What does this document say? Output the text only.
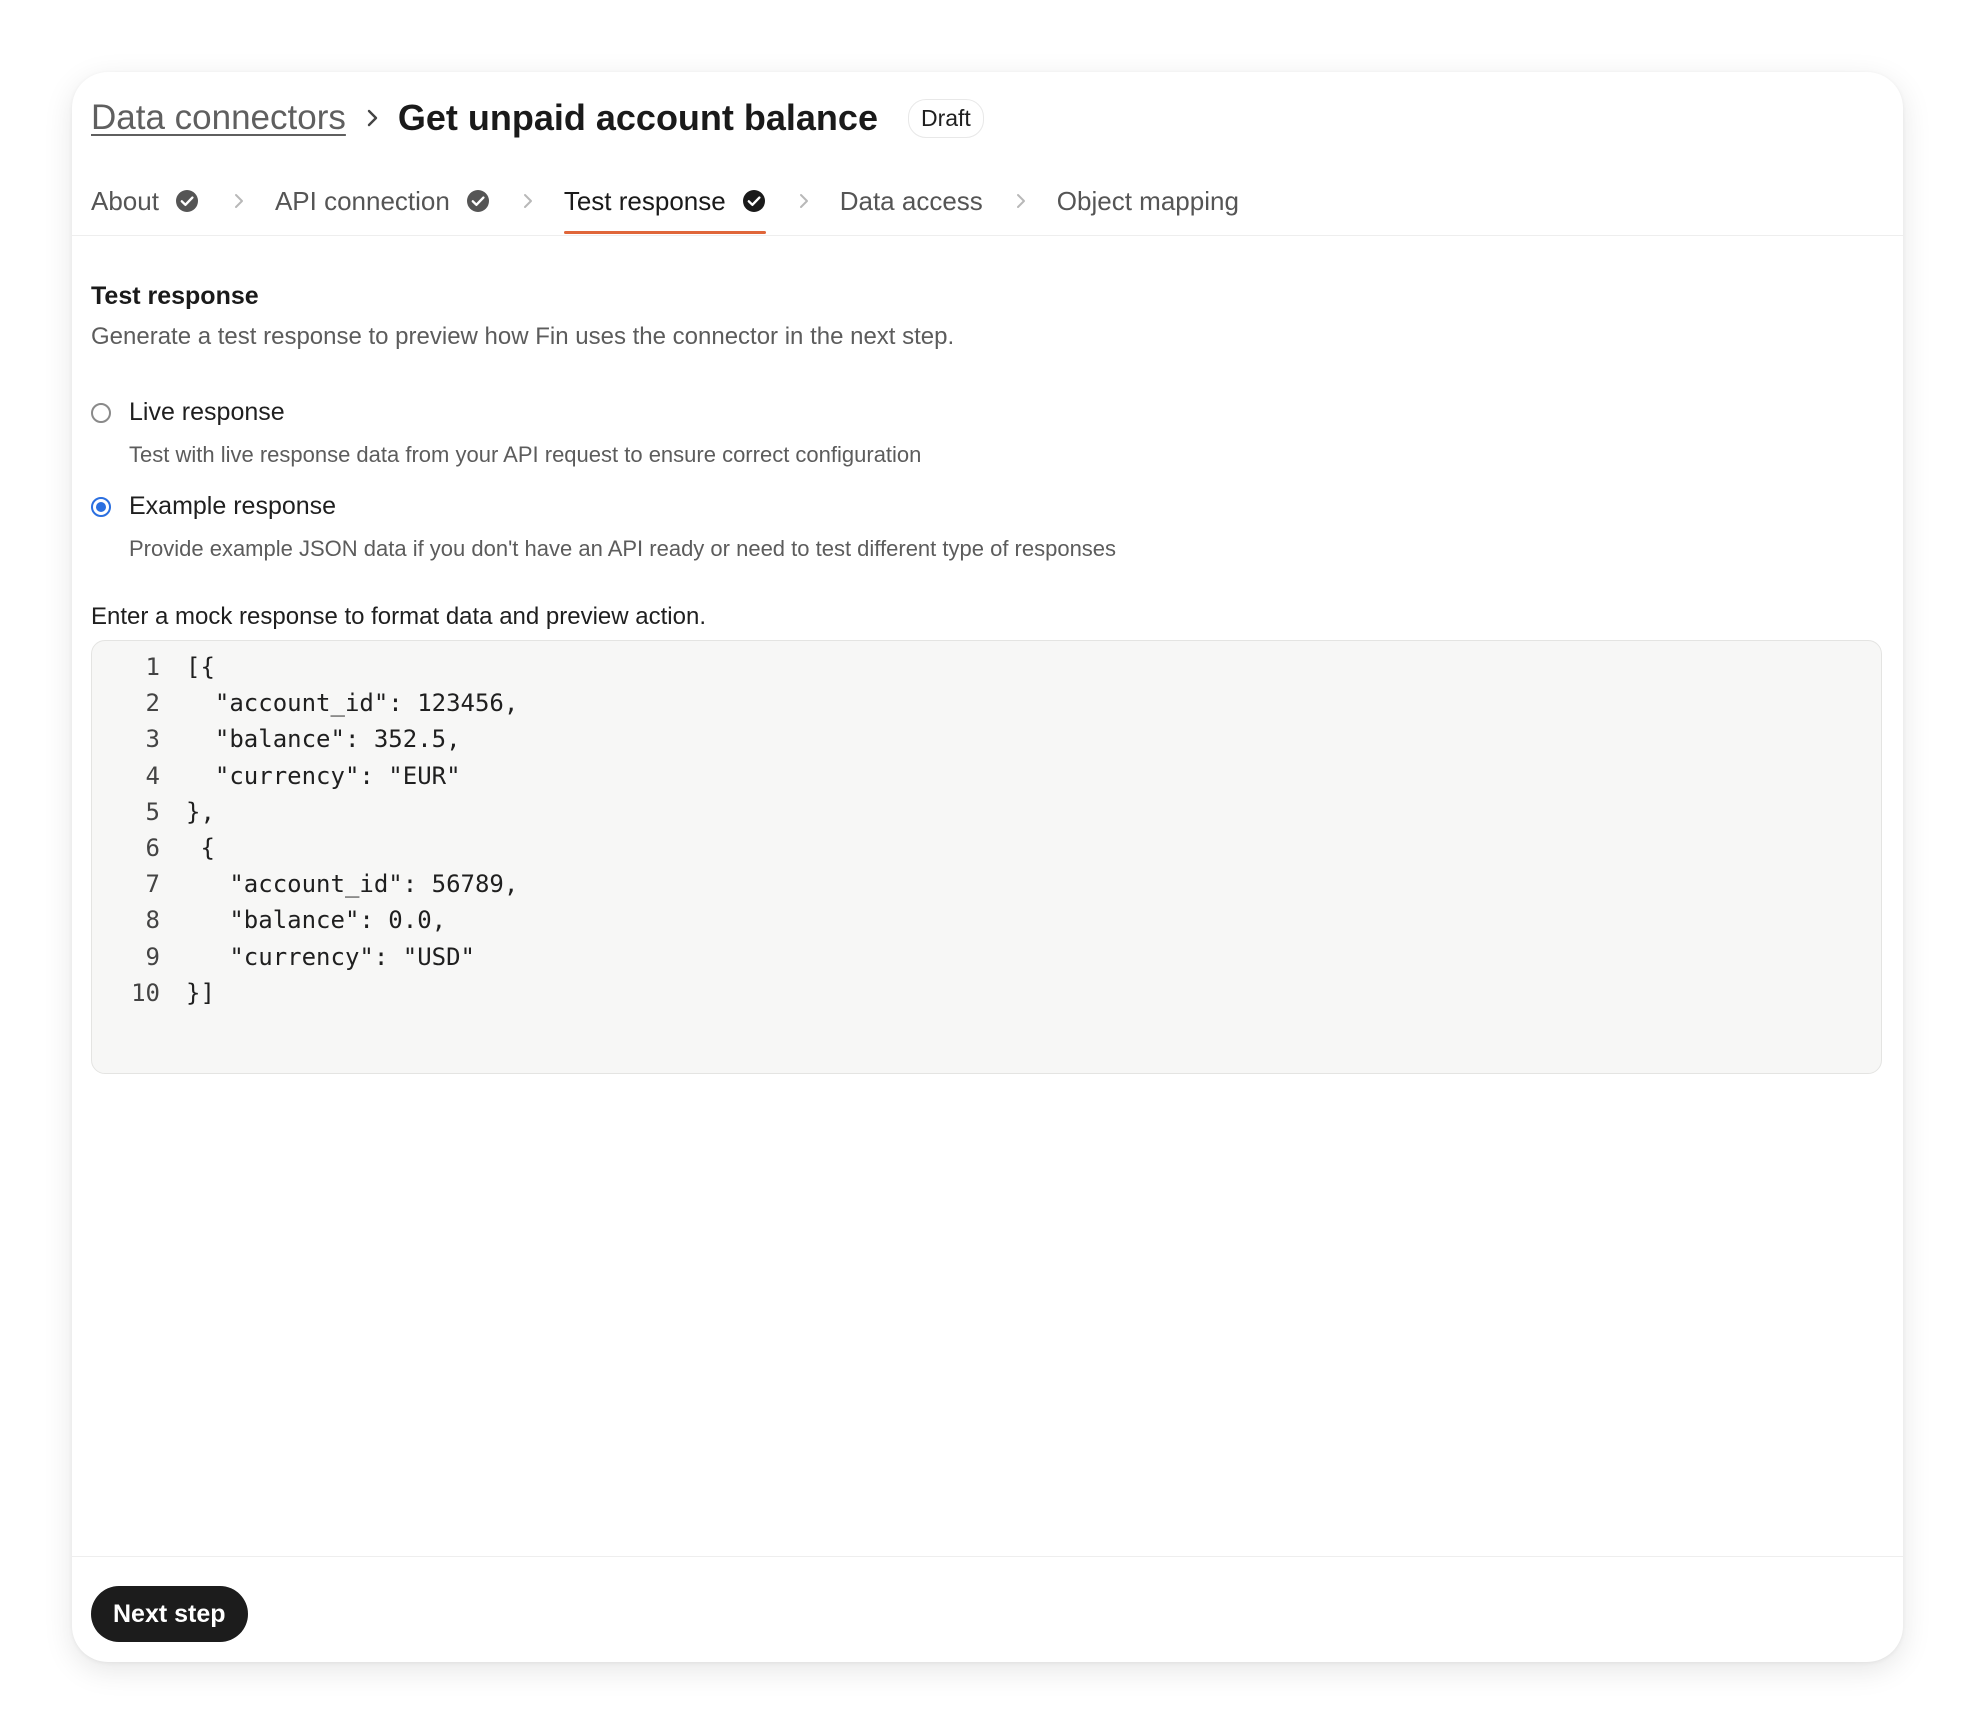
Data connectors Get unpaid account balance	Draft
About	API connection	Test response	Data access	Object mapping
Test response
Generate a test response to preview how Fin uses the connector in the next step.
Live response
Test with live response data from your API request to ensure correct configuration
Example response
Provide example JSON data if you don't have an API ready or need to test different type of responses
Enter a mock response to format data and preview action.
1	[{
2	"account_id": 123456,
3	"balance": 352.5,
4	"currency": "EUR"
5	},
6	{
7	"account_id": 56789,
8	"balance": 0.0,
9	"currency": "USD"
10	}]
Next step
